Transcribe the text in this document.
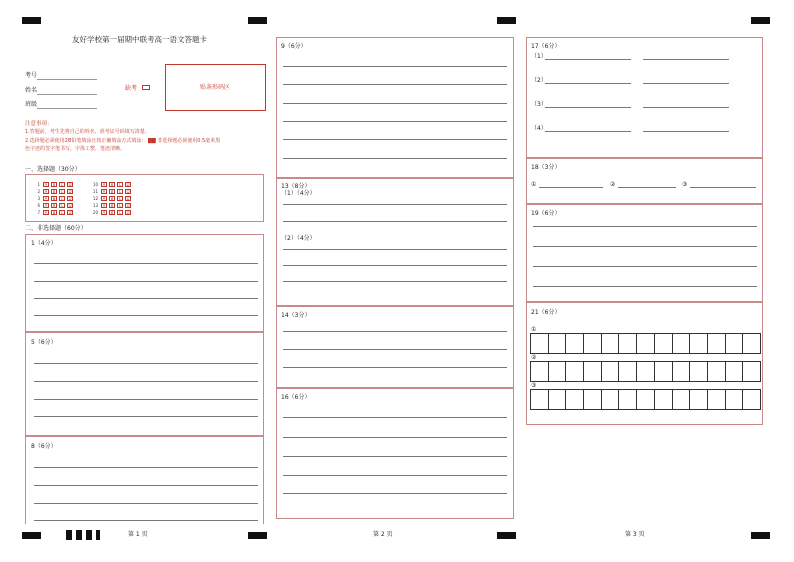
友好学校第一届期中联考高一语文答题卡
考号
姓名
班级
缺考	贴条形码区
注意事项：
1.答题前，考生先将自己的姓名、准考证号码填写清楚。
2.选择题必须使用2B铅笔填涂且按正确填涂方式填涂： ▇▇ 非选择题必须使用0.5毫米黑
色字迹的签字笔书写，字体工整，笔迹清晰。
一、选择题（30分）
1 A B C D
2 A B C D
3 A B C D
6 A B C D
7 A B C D
10 A B C D
11 A B C D
12 A B C D
13 A B C D
20 A B C D
二、非选择题（60分）
1（4分）
5（6分）
8（6分）
第 1 页
9（6分）
13（8分）
（1）（4分）
（2）（4分）
14（3分）
16（6分）
第 2 页
17（6分）
（1）
（2）
（3）
（4）
18（3分）
①	②	③
19（6分）
21（6分）
①
②
③
第 3 页
